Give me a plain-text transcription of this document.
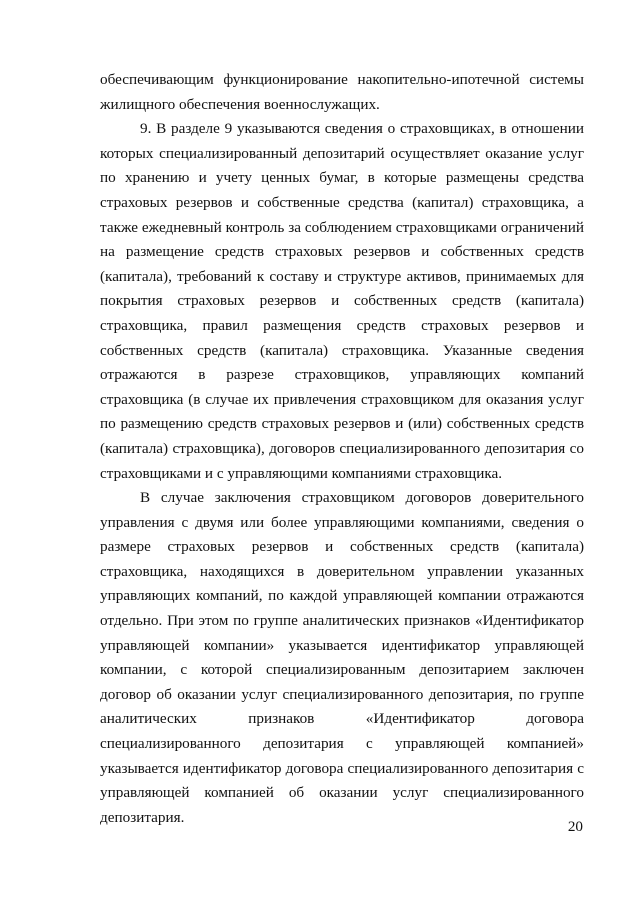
обеспечивающим функционирование накопительно-ипотечной системы жилищного обеспечения военнослужащих.

9. В разделе 9 указываются сведения о страховщиках, в отношении которых специализированный депозитарий осуществляет оказание услуг по хранению и учету ценных бумаг, в которые размещены средства страховых резервов и собственные средства (капитал) страховщика, а также ежедневный контроль за соблюдением страховщиками ограничений на размещение средств страховых резервов и собственных средств (капитала), требований к составу и структуре активов, принимаемых для покрытия страховых резервов и собственных средств (капитала) страховщика, правил размещения средств страховых резервов и собственных средств (капитала) страховщика. Указанные сведения отражаются в разрезе страховщиков, управляющих компаний страховщика (в случае их привлечения страховщиком для оказания услуг по размещению средств страховых резервов и (или) собственных средств (капитала) страховщика), договоров специализированного депозитария со страховщиками и с управляющими компаниями страховщика.

В случае заключения страховщиком договоров доверительного управления с двумя или более управляющими компаниями, сведения о размере страховых резервов и собственных средств (капитала) страховщика, находящихся в доверительном управлении указанных управляющих компаний, по каждой управляющей компании отражаются отдельно. При этом по группе аналитических признаков «Идентификатор управляющей компании» указывается идентификатор управляющей компании, с которой специализированным депозитарием заключен договор об оказании услуг специализированного депозитария, по группе аналитических признаков «Идентификатор договора специализированного депозитария с управляющей компанией» указывается идентификатор договора специализированного депозитария с управляющей компанией об оказании услуг специализированного депозитария.

20
